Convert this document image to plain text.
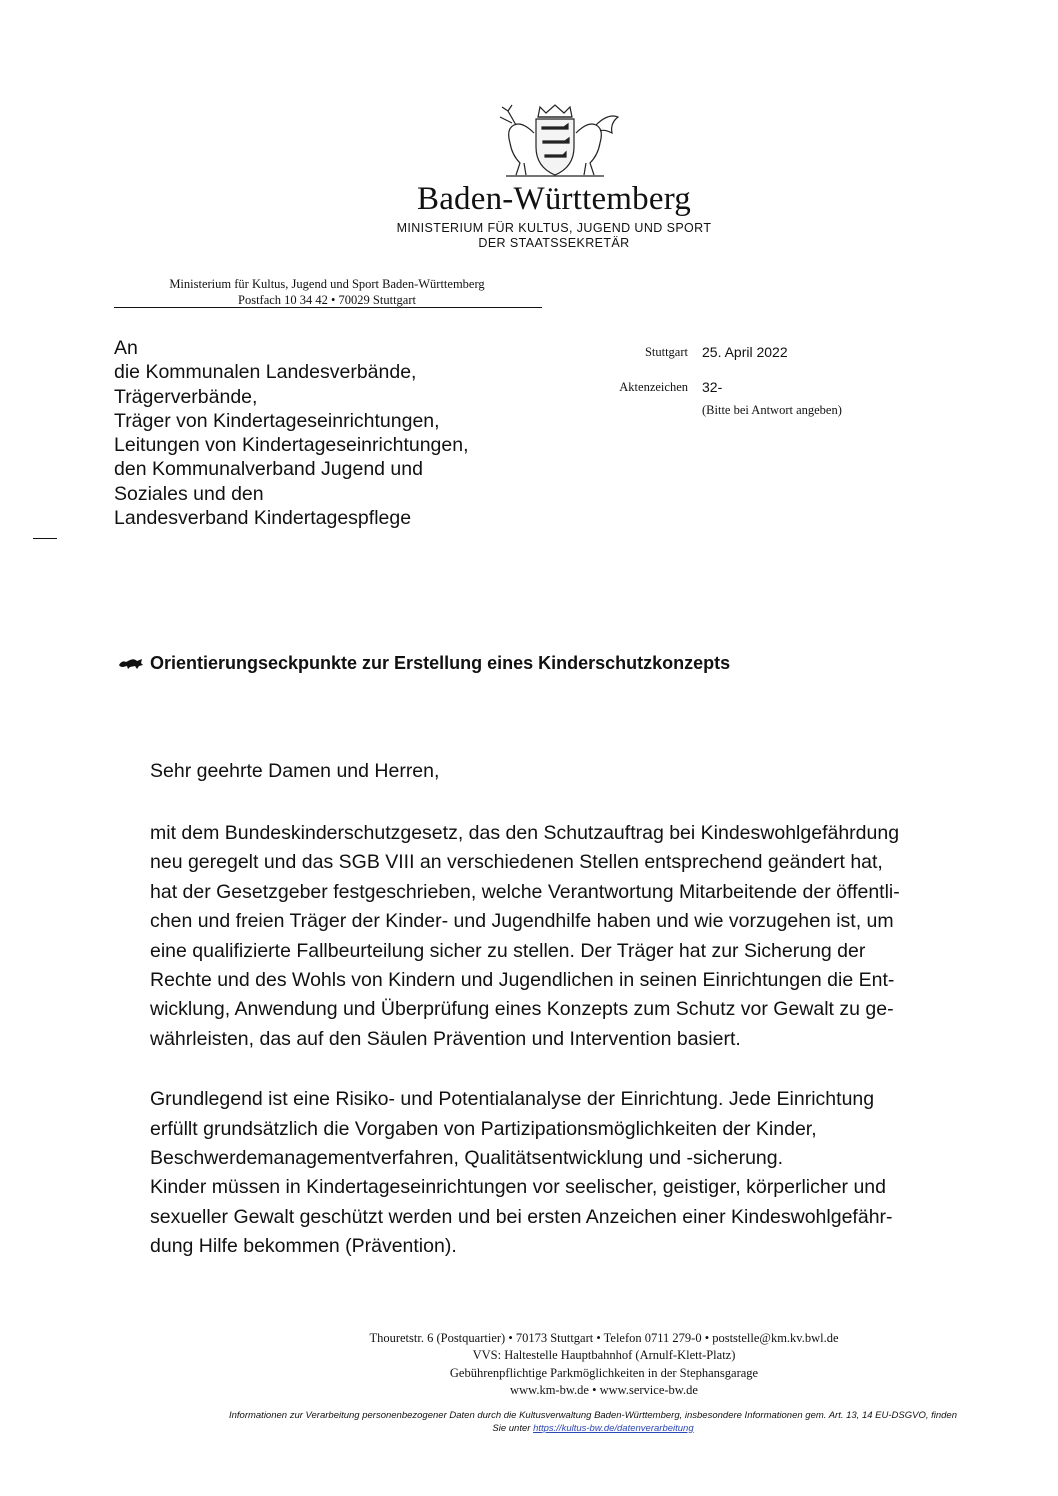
Baden-Württemberg
MINISTERIUM FÜR KULTUS, JUGEND UND SPORT
DER STAATSSEKRETÄR
Ministerium für Kultus, Jugend und Sport Baden-Württemberg
Postfach 10 34 42 • 70029 Stuttgart
An
die Kommunalen Landesverbände,
Trägerverbände,
Träger von Kindertageseinrichtungen,
Leitungen von Kindertageseinrichtungen,
den Kommunalverband Jugend und
Soziales und den
Landesverband Kindertagespflege
Stuttgart 25. April 2022
Aktenzeichen 32-
(Bitte bei Antwort angeben)
Orientierungseckpunkte zur Erstellung eines Kinderschutzkonzepts

Sehr geehrte Damen und Herren,

mit dem Bundeskinderschutzgesetz, das den Schutzauftrag bei Kindeswohlgefährdung

neu geregelt und das SGB VIII an verschiedenen Stellen entsprechend geändert hat,

hat der Gesetzgeber festgeschrieben, welche Verantwortung Mitarbeitende der öffentli-

chen und freien Träger der Kinder- und Jugendhilfe haben und wie vorzugehen ist, um

eine qualifizierte Fallbeurteilung sicher zu stellen. Der Träger hat zur Sicherung der

Rechte und des Wohls von Kindern und Jugendlichen in seinen Einrichtungen die Ent-

wicklung, Anwendung und Überprüfung eines Konzepts zum Schutz vor Gewalt zu ge-

währleisten, das auf den Säulen Prävention und Intervention basiert.

Grundlegend ist eine Risiko- und Potentialanalyse der Einrichtung. Jede Einrichtung

erfüllt grundsätzlich die Vorgaben von Partizipationsmöglichkeiten der Kinder,

Beschwerdemanagementverfahren, Qualitätsentwicklung und -sicherung.

Kinder müssen in Kindertageseinrichtungen vor seelischer, geistiger, körperlicher und

sexueller Gewalt geschützt werden und bei ersten Anzeichen einer Kindeswohlgefähr-

dung Hilfe bekommen (Prävention).

Thouretstr. 6 (Postquartier) • 70173 Stuttgart • Telefon 0711 279-0 • poststelle@km.kv.bwl.de
VVS: Haltestelle Hauptbahnhof (Arnulf-Klett-Platz)
Gebührenpflichtige Parkmöglichkeiten in der Stephansgarage
www.km-bw.de • www.service-bw.de
Informationen zur Verarbeitung personenbezogener Daten durch die Kultusverwaltung Baden-Württemberg, insbesondere Informationen gem. Art. 13, 14 EU-DSGVO, finden
Sie unter https://kultus-bw.de/datenverarbeitung
